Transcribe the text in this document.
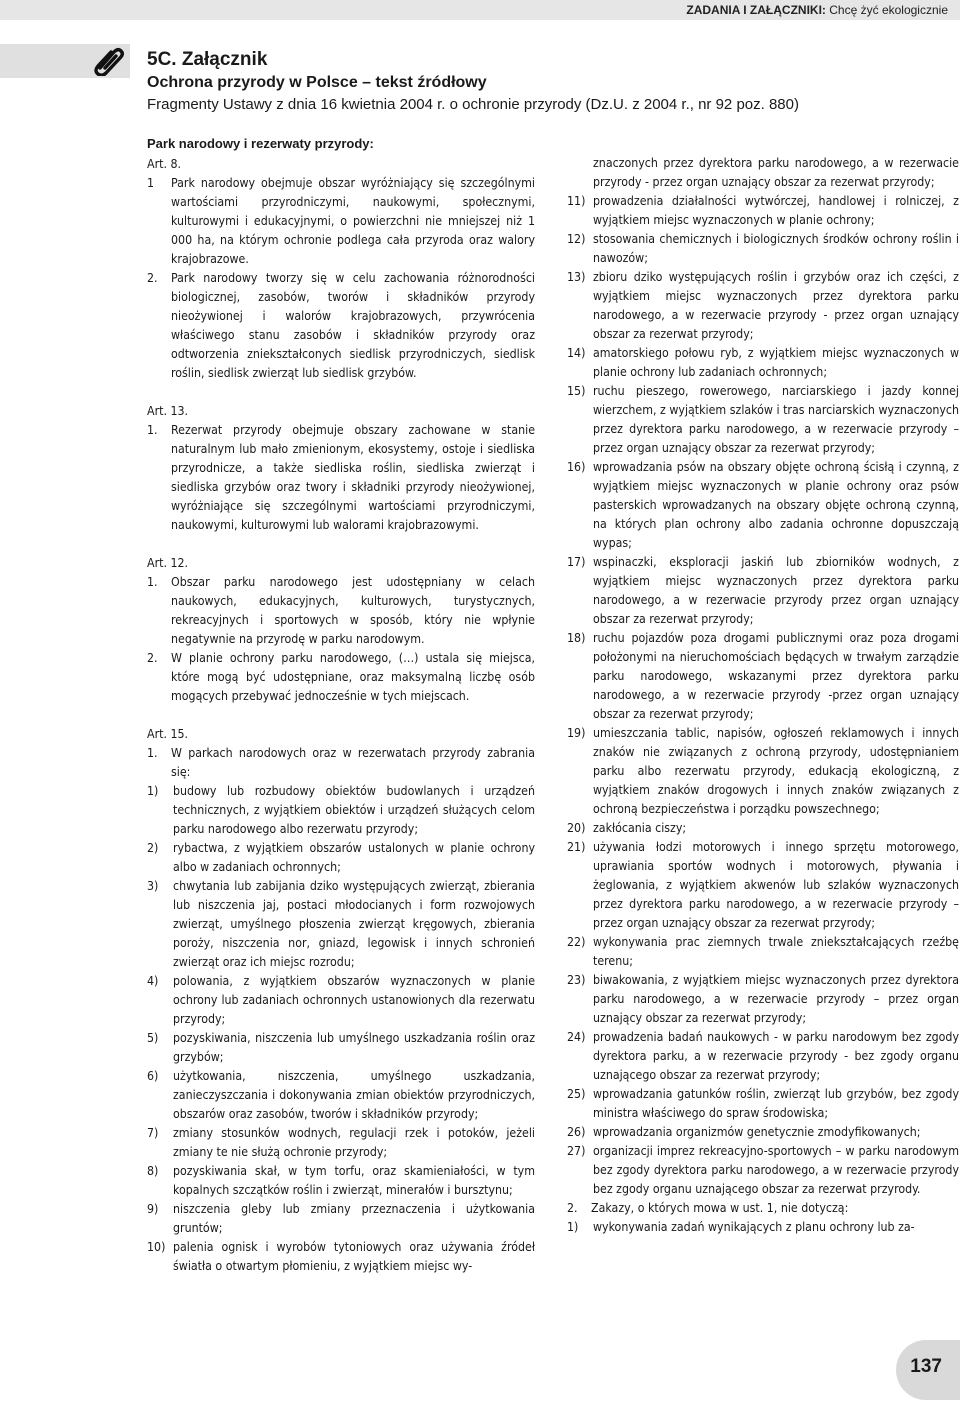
ZADANIA I ZAŁĄCZNIKI: Chcę żyć ekologicznie
5C. Załącznik
Ochrona przyrody w Polsce – tekst źródłowy
Fragmenty Ustawy z dnia 16 kwietnia 2004 r. o ochronie przyrody (Dz.U. z 2004 r., nr 92 poz. 880)
Park narodowy i rezerwaty przyrody:
Art. 8.
1	Park narodowy obejmuje obszar wyróżniający się szczególnymi wartościami przyrodniczymi, naukowymi, społecznymi, kulturowymi i edukacyjnymi, o powierzchni nie mniejszej niż 1 000 ha, na którym ochronie podlega cała przyroda oraz walory krajobrazowe.
2.	Park narodowy tworzy się w celu zachowania różnorodności biologicznej, zasobów, tworów i składników przyrody nieożywionej i walorów krajobrazowych, przywrócenia właściwego stanu zasobów i składników przyrody oraz odtworzenia zniekształconych siedlisk przyrodniczych, siedlisk roślin, siedlisk zwierząt lub siedlisk grzybów.
Art. 13.
1.	Rezerwat przyrody obejmuje obszary zachowane w stanie naturalnym lub mało zmienionym, ekosystemy, ostoje i siedliska przyrodnicze, a także siedliska roślin, siedliska zwierząt i siedliska grzybów oraz twory i składniki przyrody nieożywionej, wyróżniające się szczególnymi wartościami przyrodniczymi, naukowymi, kulturowymi lub walorami krajobrazowymi.
Art. 12.
1.	Obszar parku narodowego jest udostępniany w celach naukowych, edukacyjnych, kulturowych, turystycznych, rekreacyjnych i sportowych w sposób, który nie wpłynie negatywnie na przyrodę w parku narodowym.
2.	W planie ochrony parku narodowego, (…) ustala się miejsca, które mogą być udostępniane, oraz maksymalną liczbę osób mogących przebywać jednocześnie w tych miejscach.
Art. 15.
1.	W parkach narodowych oraz w rezerwatach przyrody zabrania się:
1)	budowy lub rozbudowy obiektów budowlanych i urządzeń technicznych, z wyjątkiem obiektów i urządzeń służących celom parku narodowego albo rezerwatu przyrody;
2)	rybactwa, z wyjątkiem obszarów ustalonych w planie ochrony albo w zadaniach ochronnych;
3)	chwytania lub zabijania dziko występujących zwierząt, zbierania lub niszczenia jaj, postaci młodocianych i form rozwojowych zwierząt, umyślnego płoszenia zwierząt kręgowych, zbierania poroży, niszczenia nor, gniazd, legowisk i innych schronień zwierząt oraz ich miejsc rozrodu;
4)	polowania, z wyjątkiem obszarów wyznaczonych w planie ochrony lub zadaniach ochronnych ustanowionych dla rezerwatu przyrody;
5)	pozyskiwania, niszczenia lub umyślnego uszkadzania roślin oraz grzybów;
6)	użytkowania, niszczenia, umyślnego uszkadzania, zanieczyszczania i dokonywania zmian obiektów przyrodniczych, obszarów oraz zasobów, tworów i składników przyrody;
7)	zmiany stosunków wodnych, regulacji rzek i potoków, jeżeli zmiany te nie służą ochronie przyrody;
8)	pozyskiwania skał, w tym torfu, oraz skamieniałości, w tym kopalnych szczątków roślin i zwierząt, minerałów i bursztynu;
9)	niszczenia gleby lub zmiany przeznaczenia i użytkowania gruntów;
10) palenia ognisk i wyrobów tytoniowych oraz używania źródeł światła o otwartym płomieniu, z wyjątkiem miejsc wy-
znaczonych przez dyrektora parku narodowego, a w rezerwacie przyrody - przez organ uznający obszar za rezerwat przyrody;
11) prowadzenia działalności wytwórczej, handlowej i rolniczej, z wyjątkiem miejsc wyznaczonych w planie ochrony;
12) stosowania chemicznych i biologicznych środków ochrony roślin i nawozów;
13) zbioru dziko występujących roślin i grzybów oraz ich części, z wyjątkiem miejsc wyznaczonych przez dyrektora parku narodowego, a w rezerwacie przyrody - przez organ uznający obszar za rezerwat przyrody;
14) amatorskiego połowu ryb, z wyjątkiem miejsc wyznaczonych w planie ochrony lub zadaniach ochronnych;
15) ruchu pieszego, rowerowego, narciarskiego i jazdy konnej wierzchem, z wyjątkiem szlaków i tras narciarskich wyznaczonych przez dyrektora parku narodowego, a w rezerwacie przyrody – przez organ uznający obszar za rezerwat przyrody;
16) wprowadzania psów na obszary objęte ochroną ścisłą i czynną, z wyjątkiem miejsc wyznaczonych w planie ochrony oraz psów pasterskich wprowadzanych na obszary objęte ochroną czynną, na których plan ochrony albo zadania ochronne dopuszczają wypas;
17) wspinaczki, eksploracji jaskiń lub zbiorników wodnych, z wyjątkiem miejsc wyznaczonych przez dyrektora parku narodowego, a w rezerwacie przyrody przez organ uznający obszar za rezerwat przyrody;
18) ruchu pojazdów poza drogami publicznymi oraz poza drogami położonymi na nieruchomościach będących w trwałym zarządzie parku narodowego, wskazanymi przez dyrektora parku narodowego, a w rezerwacie przyrody -przez organ uznający obszar za rezerwat przyrody;
19) umieszczania tablic, napisów, ogłoszeń reklamowych i innych znaków nie związanych z ochroną przyrody, udostępnianiem parku albo rezerwatu przyrody, edukacją ekologiczną, z wyjątkiem znaków drogowych i innych znaków związanych z ochroną bezpieczeństwa i porządku powszechnego;
20) zakłócania ciszy;
21) używania łodzi motorowych i innego sprzętu motorowego, uprawiania sportów wodnych i motorowych, pływania i żeglowania, z wyjątkiem akwenów lub szlaków wyznaczonych przez dyrektora parku narodowego, a w rezerwacie przyrody – przez organ uznający obszar za rezerwat przyrody;
22) wykonywania prac ziemnych trwale zniekształcających rzeźbę terenu;
23) biwakowania, z wyjątkiem miejsc wyznaczonych przez dyrektora parku narodowego, a w rezerwacie przyrody – przez organ uznający obszar za rezerwat przyrody;
24) prowadzenia badań naukowych - w parku narodowym bez zgody dyrektora parku, a w rezerwacie przyrody - bez zgody organu uznającego obszar za rezerwat przyrody;
25) wprowadzania gatunków roślin, zwierząt lub grzybów, bez zgody ministra właściwego do spraw środowiska;
26) wprowadzania organizmów genetycznie zmodyfikowanych;
27) organizacji imprez rekreacyjno-sportowych – w parku narodowym bez zgody dyrektora parku narodowego, a w rezerwacie przyrody bez zgody organu uznającego obszar za rezerwat przyrody.
2.	Zakazy, o których mowa w ust. 1, nie dotyczą:
1)	wykonywania zadań wynikających z planu ochrony lub za-
137
